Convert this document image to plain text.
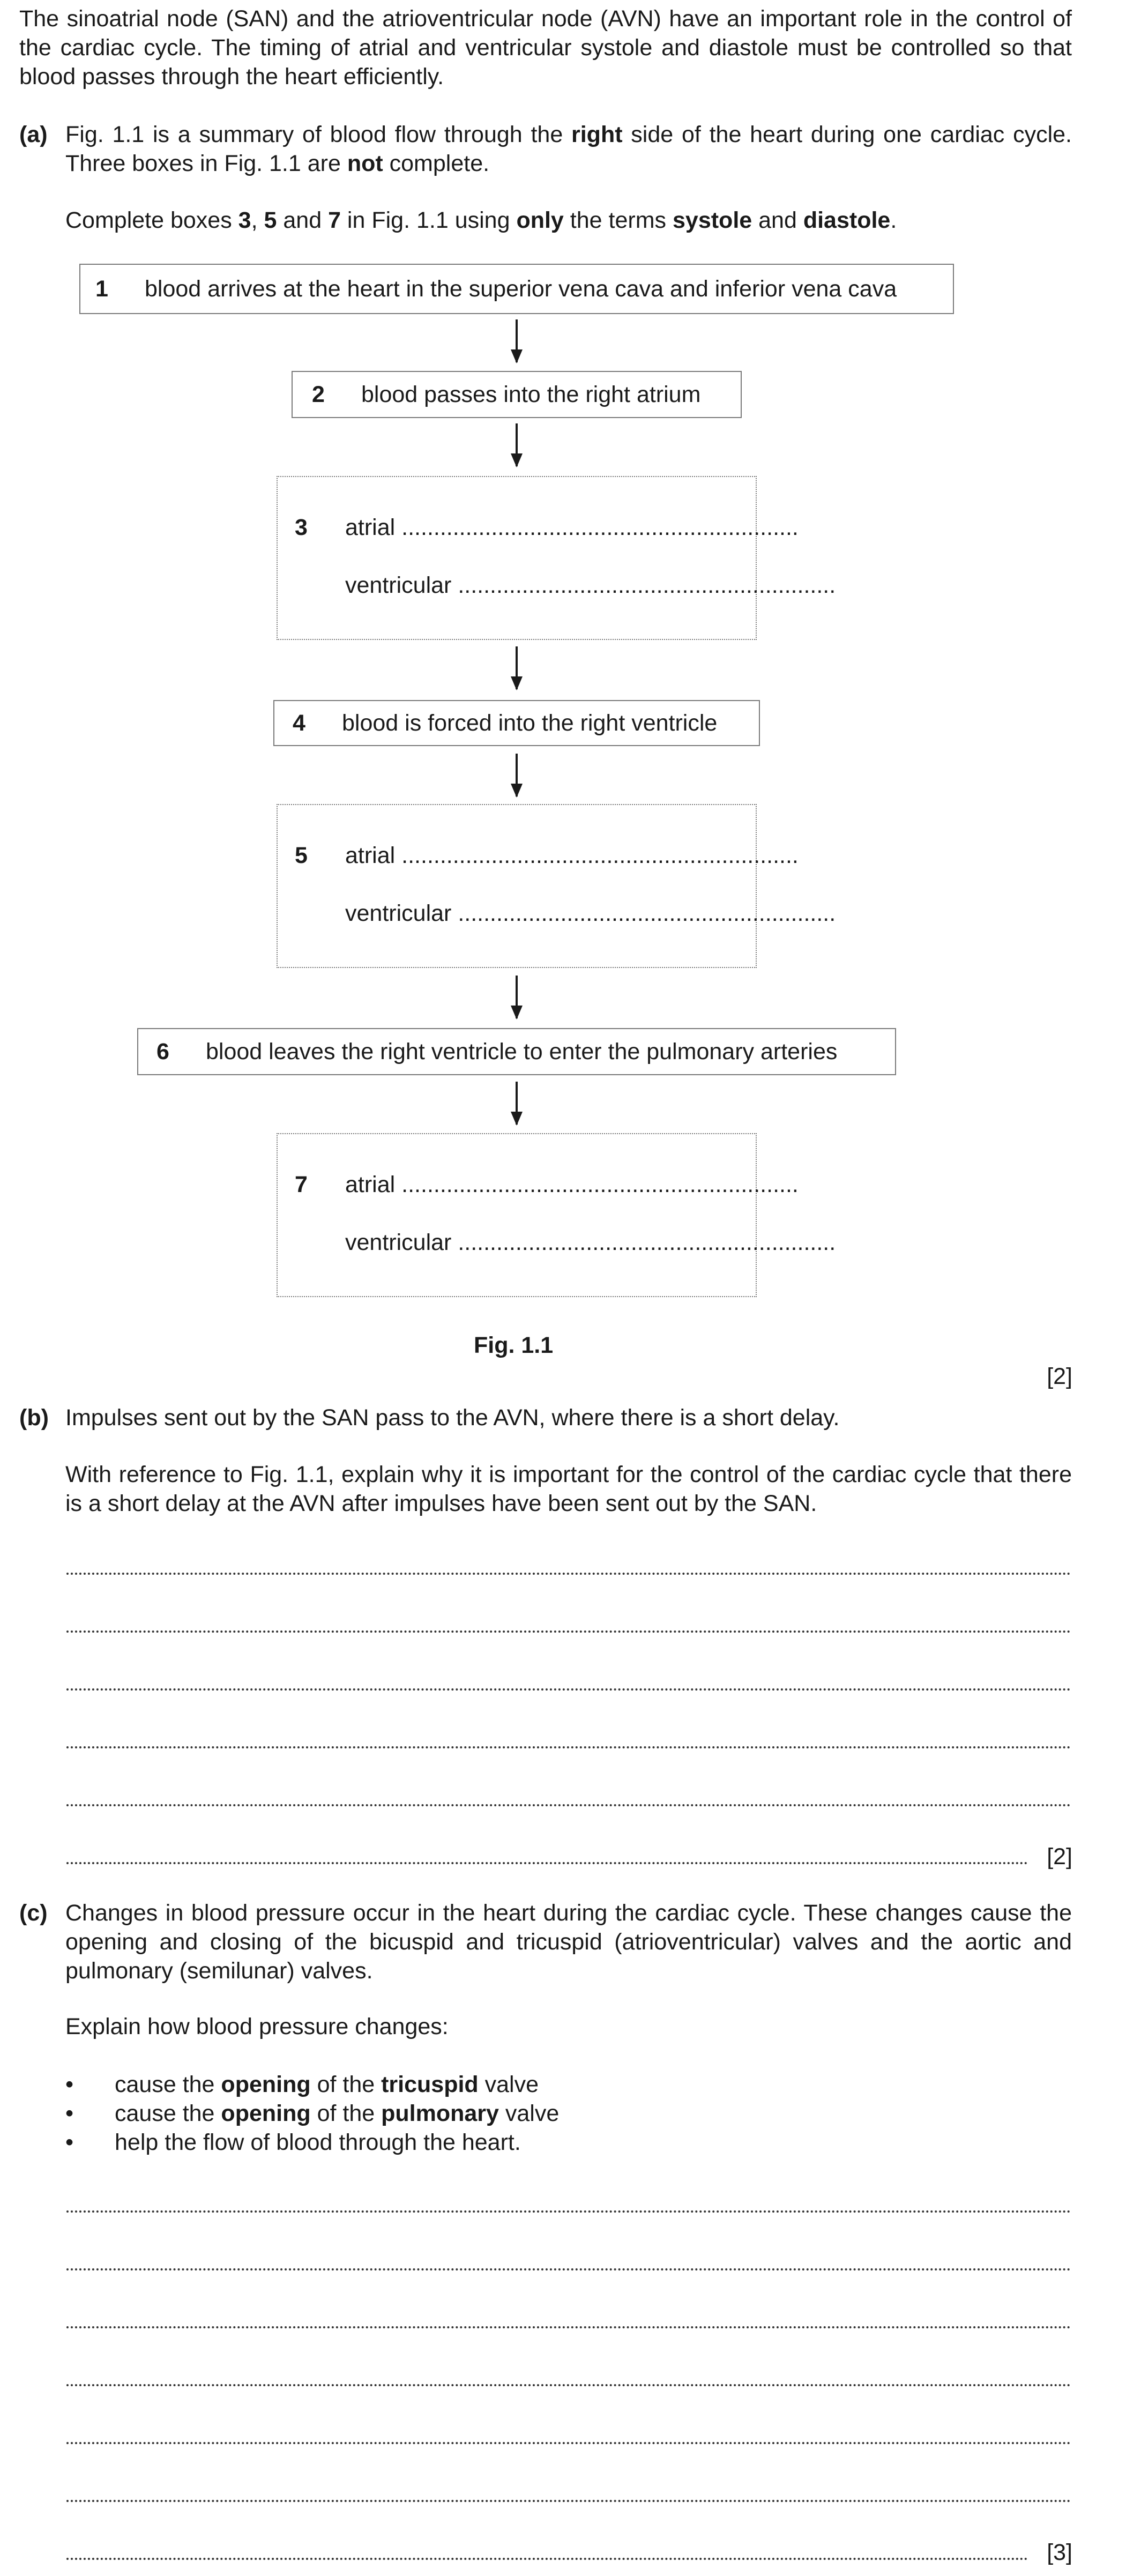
The sinoatrial node (SAN) and the atrioventricular node (AVN) have an important role in the control of the cardiac cycle. The timing of atrial and ventricular systole and diastole must be controlled so that blood passes through the heart efficiently.

(a) Fig. 1.1 is a summary of blood flow through the right side of the heart during one cardiac cycle. Three boxes in Fig. 1.1 are not complete.

Complete boxes 3, 5 and 7 in Fig. 1.1 using only the terms systole and diastole.

1	blood arrives at the heart in the superior vena cava and inferior vena cava
2	blood passes into the right atrium
3 atrial ..............................................................
ventricular ...........................................................
4	blood is forced into the right ventricle
5 atrial ..............................................................
ventricular ...........................................................
6	blood leaves the right ventricle to enter the pulmonary arteries
7 atrial ..............................................................
ventricular ...........................................................
Fig. 1.1
[2]
(b) Impulses sent out by the SAN pass to the AVN, where there is a short delay.

With reference to Fig. 1.1, explain why it is important for the control of the cardiac cycle that there is a short delay at the AVN after impulses have been sent out by the SAN.

[2]
(c) Changes in blood pressure occur in the heart during the cardiac cycle. These changes cause the opening and closing of the bicuspid and tricuspid (atrioventricular) valves and the aortic and pulmonary (semilunar) valves.

Explain how blood pressure changes:

• cause the opening of the tricuspid valve
• cause the opening of the pulmonary valve
• help the flow of blood through the heart.
[3]
